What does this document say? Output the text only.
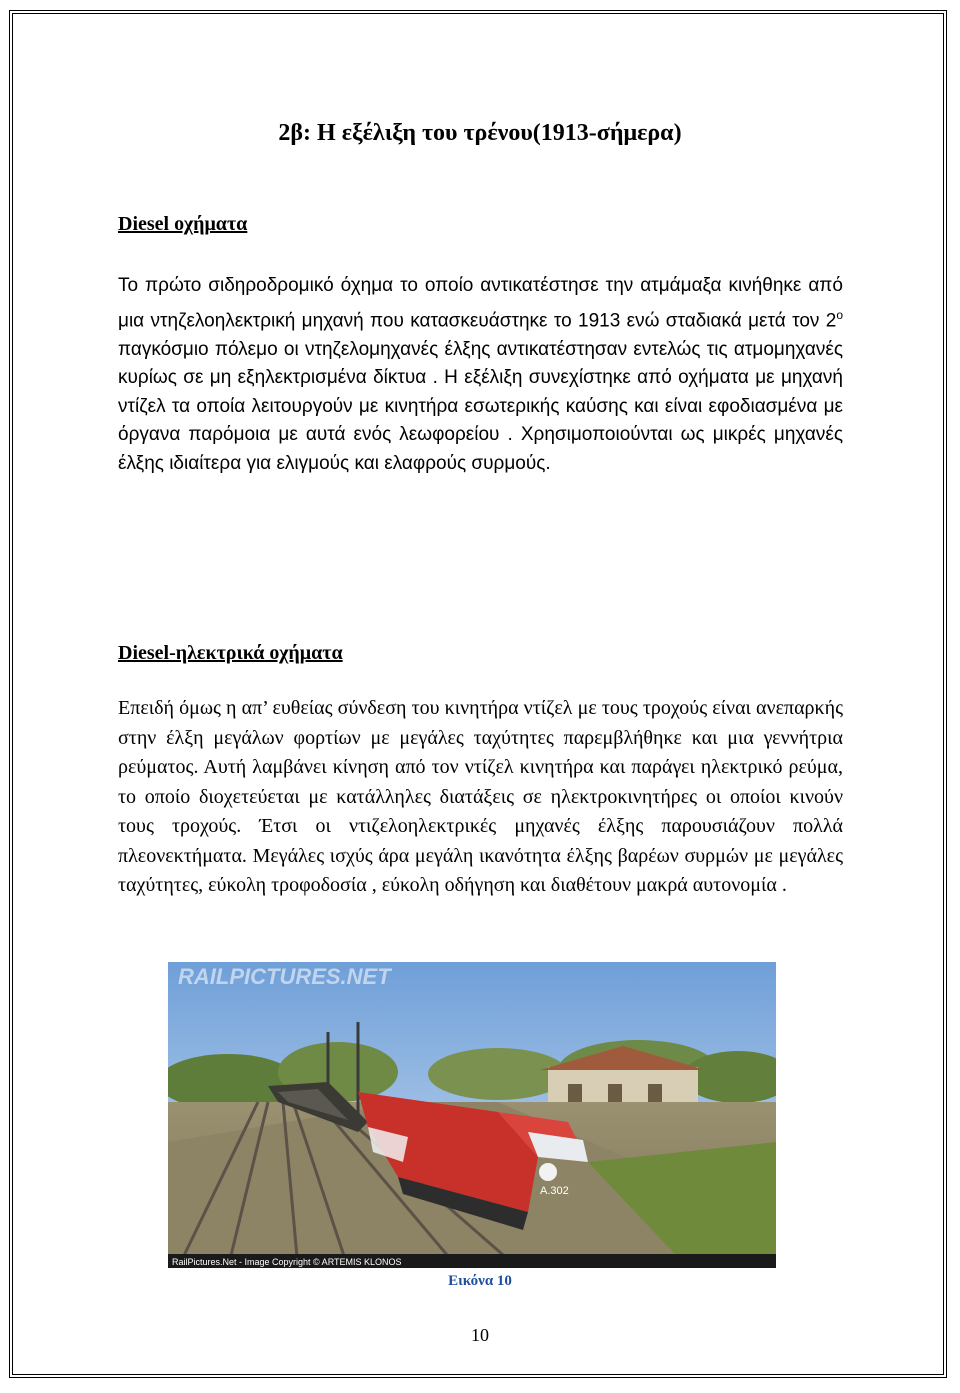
2β: Η εξέλιξη του τρένου(1913-σήμερα)
Diesel οχήματα
Το πρώτο σιδηροδρομικό όχημα το οποίο αντικατέστησε την ατμάμαξα κινήθηκε από μια ντηζελοηλεκτρική μηχανή που κατασκευάστηκε το 1913 ενώ σταδιακά μετά τον $2^o$ παγκόσμιο πόλεμο οι ντηζελομηχανές έλξης αντικατέστησαν εντελώς τις ατμομηχανές κυρίως σε μη εξηλεκτρισμένα δίκτυα . Η εξέλιξη συνεχίστηκε από οχήματα με μηχανή ντίζελ τα οποία λειτουργούν με κινητήρα εσωτερικής καύσης και είναι εφοδιασμένα με όργανα παρόμοια με αυτά ενός λεωφορείου . Χρησιμοποιούνται ως μικρές μηχανές έλξης ιδιαίτερα για ελιγμούς και ελαφρούς συρμούς.
Diesel-ηλεκτρικά οχήματα
Επειδή όμως η απ’ ευθείας σύνδεση του κινητήρα ντίζελ με τους τροχούς είναι ανεπαρκής στην έλξη μεγάλων φορτίων με μεγάλες ταχύτητες παρεμβλήθηκε και μια γεννήτρια ρεύματος. Αυτή λαμβάνει κίνηση από τον ντίζελ κινητήρα και παράγει ηλεκτρικό ρεύμα, το οποίο διοχετεύεται με κατάλληλες διατάξεις σε ηλεκτροκινητήρες οι οποίοι κινούν τους τροχούς. Έτσι οι ντιζελοηλεκτρικές μηχανές έλξης παρουσιάζουν πολλά πλεονεκτήματα. Μεγάλες ισχύς άρα μεγάλη ικανότητα έλξης βαρέων συρμών με μεγάλες ταχύτητες, εύκολη τροφοδοσία , εύκολη οδήγηση και διαθέτουν μακρά αυτονομία .
A.302
RAILPICTURES.NET
RailPictures.Net - Image Copyright © ARTEMIS KLONOS
Εικόνα 10
10
